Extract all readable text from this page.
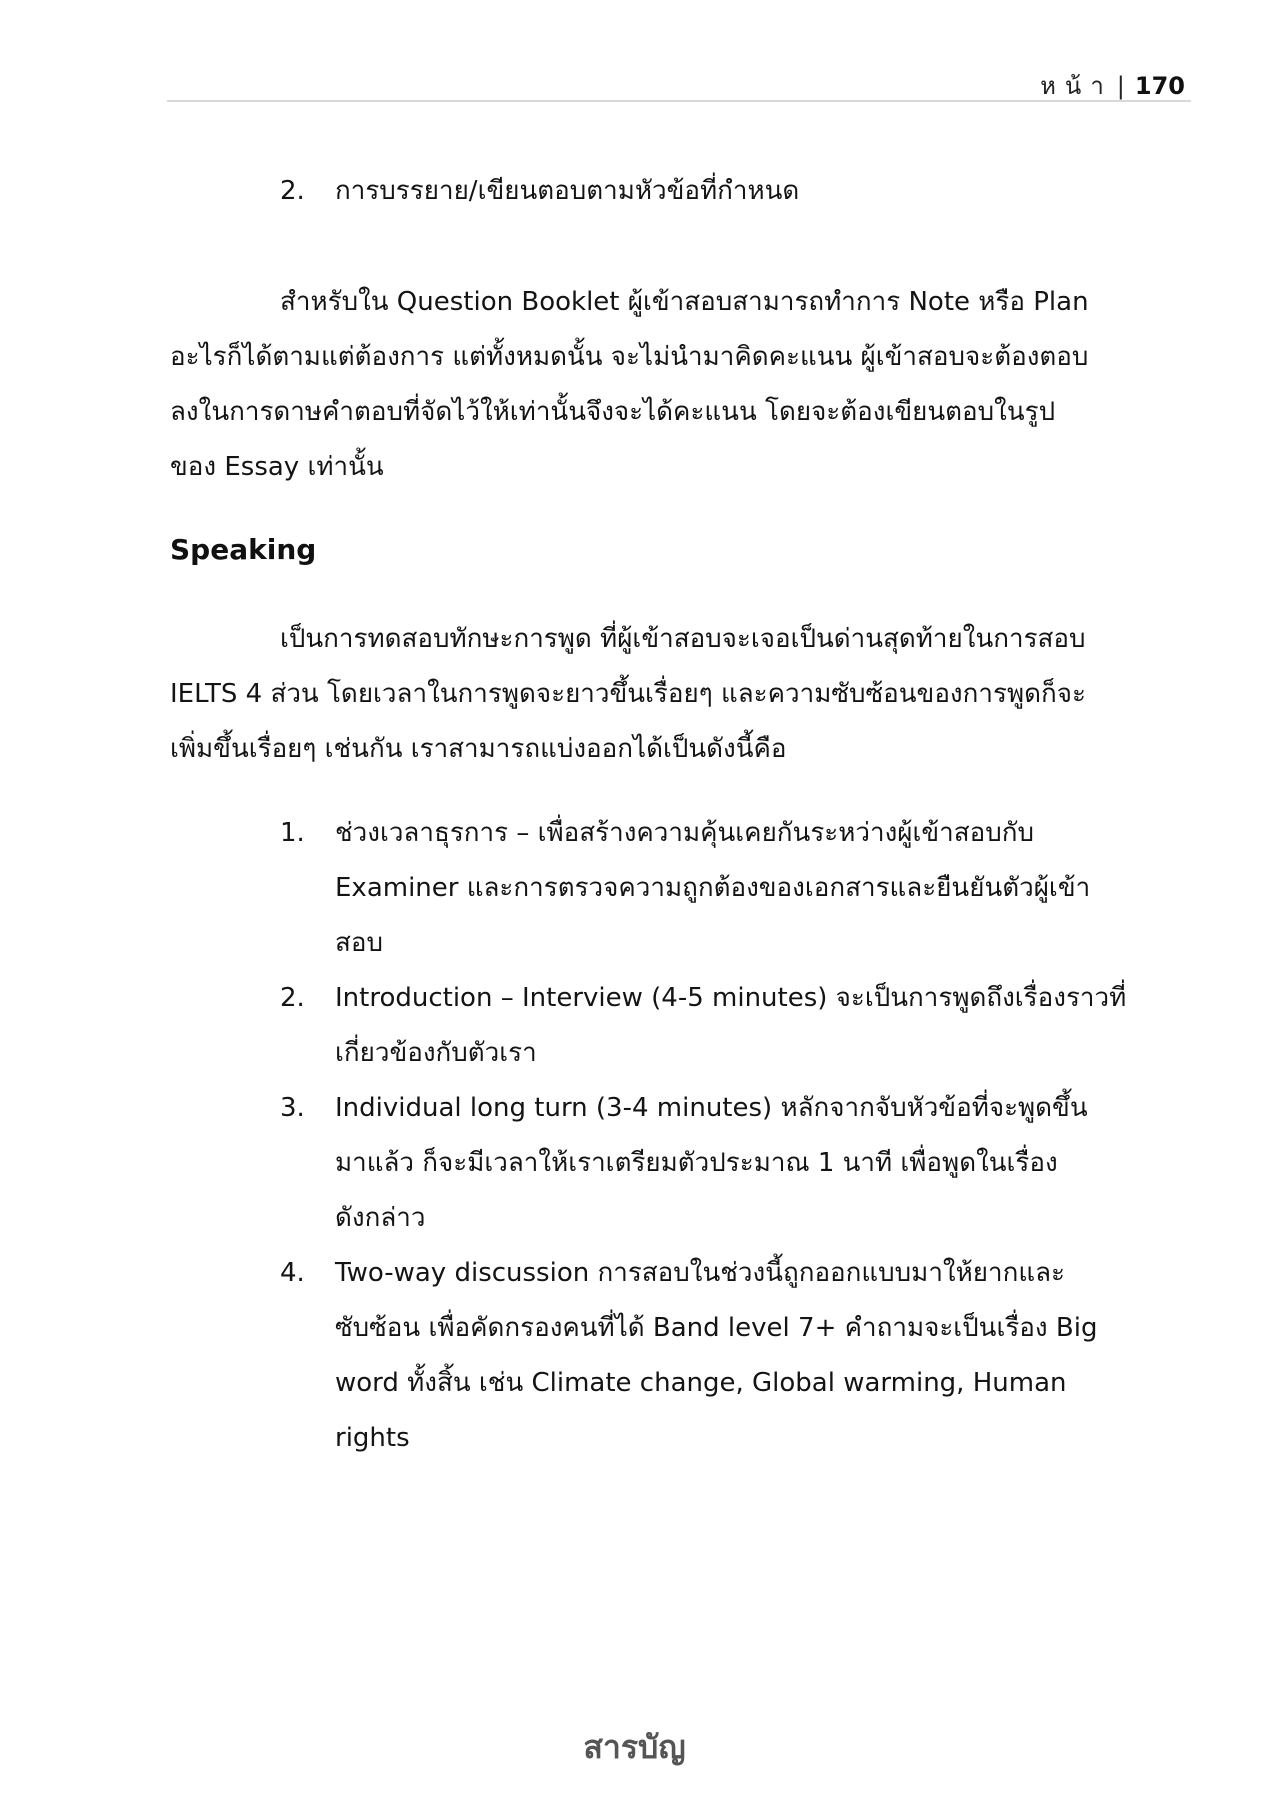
หน้า | 170
2.	การบรรยาย/เขียนตอบตามหัวข้อที่กำหนด
สำหรับใน Question Booklet ผู้เข้าสอบสามารถทำการ Note หรือ Plan
อะไรก็ได้ตามแต่ต้องการ แต่ทั้งหมดนั้น จะไม่นำมาคิดคะแนน ผู้เข้าสอบจะต้องตอบ
ลงในการดาษคำตอบที่จัดไว้ให้เท่านั้นจึงจะได้คะแนน โดยจะต้องเขียนตอบในรูป
ของ Essay เท่านั้น
Speaking
เป็นการทดสอบทักษะการพูด ที่ผู้เข้าสอบจะเจอเป็นด่านสุดท้ายในการสอบ
IELTS 4 ส่วน โดยเวลาในการพูดจะยาวขึ้นเรื่อยๆ และความซับซ้อนของการพูดก็จะ
เพิ่มขึ้นเรื่อยๆ เช่นกัน เราสามารถแบ่งออกได้เป็นดังนี้คือ
1.	ช่วงเวลาธุรการ – เพื่อสร้างความคุ้นเคยกันระหว่างผู้เข้าสอบกับ
Examiner และการตรวจความถูกต้องของเอกสารและยืนยันตัวผู้เข้า
สอบ
2.	Introduction – Interview (4-5 minutes) จะเป็นการพูดถึงเรื่องราวที่
เกี่ยวข้องกับตัวเรา
3.	Individual long turn (3-4 minutes) หลักจากจับหัวข้อที่จะพูดขึ้น
มาแล้ว ก็จะมีเวลาให้เราเตรียมตัวประมาณ 1 นาที เพื่อพูดในเรื่อง
ดังกล่าว
4.	Two-way discussion การสอบในช่วงนี้ถูกออกแบบมาให้ยากและ
ซับซ้อน เพื่อคัดกรองคนที่ได้ Band level 7+ คำถามจะเป็นเรื่อง Big
word ทั้งสิ้น เช่น Climate change, Global warming, Human
rights
สารบัญ
